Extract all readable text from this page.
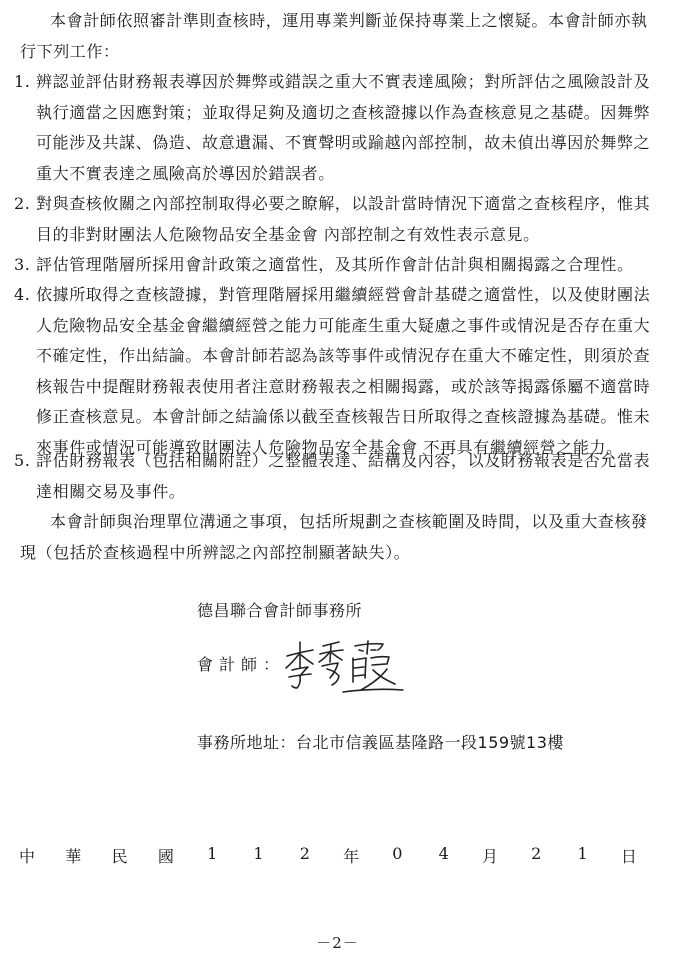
本會計師依照審計準則查核時，運用專業判斷並保持專業上之懷疑。本會計師亦執行下列工作：

1. 辨認並評估財務報表導因於舞弊或錯誤之重大不實表達風險；對所評估之風險設計及執行適當之因應對策；並取得足夠及適切之查核證據以作為查核意見之基礎。因舞弊可能涉及共謀、偽造、故意遺漏、不實聲明或踰越內部控制，故未偵出導因於舞弊之重大不實表達之風險高於導因於錯誤者。
2. 對與查核攸關之內部控制取得必要之瞭解，以設計當時情況下適當之查核程序，惟其目的非對財團法人危險物品安全基金會 內部控制之有效性表示意見。
3. 評估管理階層所採用會計政策之適當性，及其所作會計估計與相關揭露之合理性。
4. 依據所取得之查核證據，對管理階層採用繼續經營會計基礎之適當性，以及使財團法人危險物品安全基金會繼續經營之能力可能產生重大疑慮之事件或情況是否存在重大不確定性，作出結論。本會計師若認為該等事件或情況存在重大不確定性，則須於查核報告中提醒財務報表使用者注意財務報表之相關揭露，或於該等揭露係屬不適當時修正查核意見。本會計師之結論係以截至查核報告日所取得之查核證據為基礎。惟未來事件或情況可能導致財團法人危險物品安全基金會 不再具有繼續經營之能力。
5. 評估財務報表（包括相關附註）之整體表達、結構及內容，以及財務報表是否允當表達相關交易及事件。

本會計師與治理單位溝通之事項，包括所規劃之查核範圍及時間，以及重大查核發現（包括於查核過程中所辨認之內部控制顯著缺失）。

德昌聯合會計師事務所
會計師：
事務所地址：台北市信義區基隆路一段159號13樓
中 華 民 國 1 1 2 年 0 4 月 2 1 日
－2－
